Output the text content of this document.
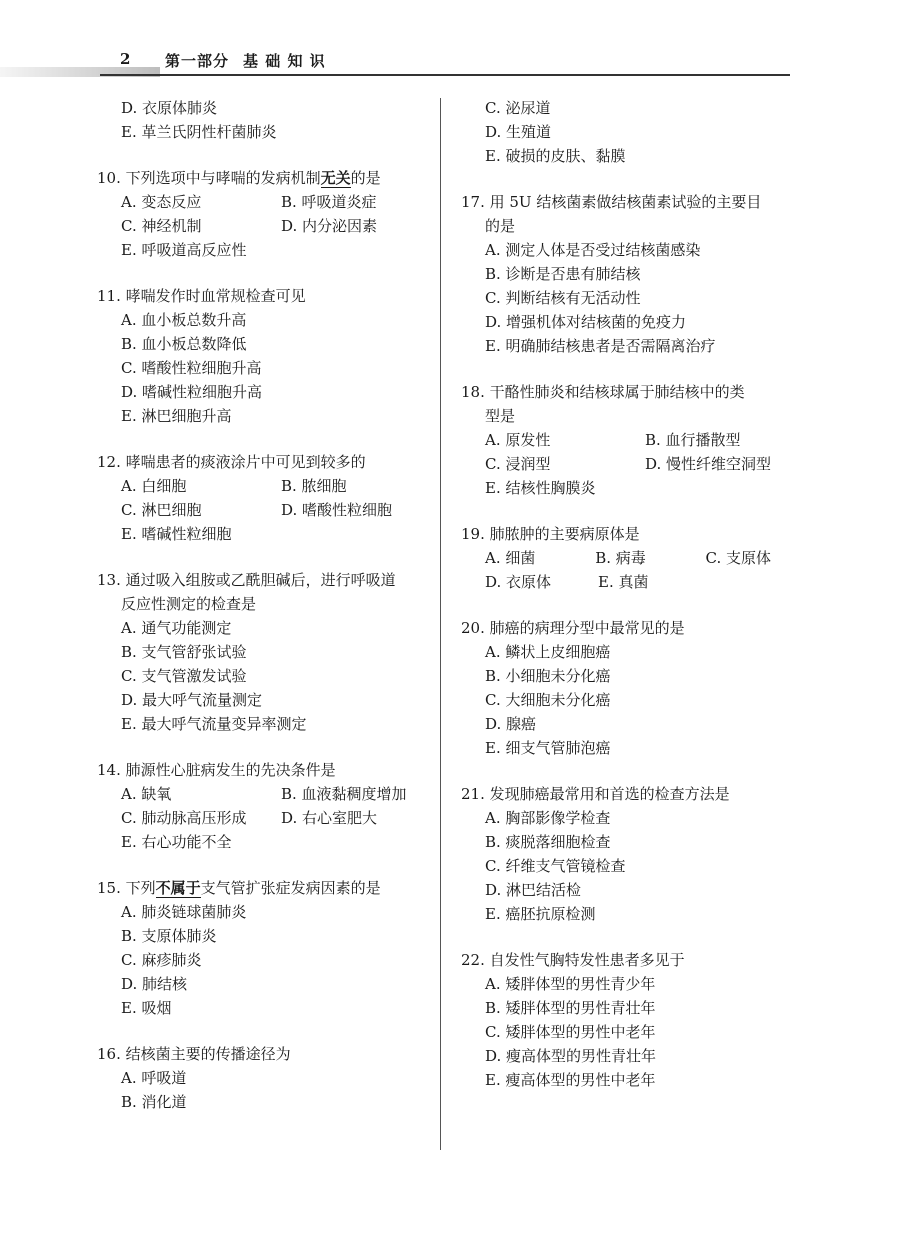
2 第一部分 基 础 知 识
D. 衣原体肺炎
E. 革兰氏阴性杆菌肺炎
10. 下列选项中与哮喘的发病机制无关的是
A. 变态反应	B. 呼吸道炎症
C. 神经机制	D. 内分泌因素
E. 呼吸道高反应性
11. 哮喘发作时血常规检查可见
A. 血小板总数升高
B. 血小板总数降低
C. 嗜酸性粒细胞升高
D. 嗜碱性粒细胞升高
E. 淋巴细胞升高
12. 哮喘患者的痰液涂片中可见到较多的
A. 白细胞	B. 脓细胞
C. 淋巴细胞	D. 嗜酸性粒细胞
E. 嗜碱性粒细胞
13. 通过吸入组胺或乙酰胆碱后，进行呼吸道
反应性测定的检查是
A. 通气功能测定
B. 支气管舒张试验
C. 支气管激发试验
D. 最大呼气流量测定
E. 最大呼气流量变异率测定
14. 肺源性心脏病发生的先决条件是
A. 缺氧	B. 血液黏稠度增加
C. 肺动脉高压形成	D. 右心室肥大
E. 右心功能不全
15. 下列不属于支气管扩张症发病因素的是
A. 肺炎链球菌肺炎
B. 支原体肺炎
C. 麻疹肺炎
D. 肺结核
E. 吸烟
16. 结核菌主要的传播途径为
A. 呼吸道
B. 消化道
C. 泌尿道
D. 生殖道
E. 破损的皮肤、黏膜
17. 用 5U 结核菌素做结核菌素试验的主要目
的是
A. 测定人体是否受过结核菌感染
B. 诊断是否患有肺结核
C. 判断结核有无活动性
D. 增强机体对结核菌的免疫力
E. 明确肺结核患者是否需隔离治疗
18. 干酪性肺炎和结核球属于肺结核中的类
型是
A. 原发性	B. 血行播散型
C. 浸润型	D. 慢性纤维空洞型
E. 结核性胸膜炎
19. 肺脓肿的主要病原体是
A. 细菌	B. 病毒	C. 支原体
D. 衣原体	E. 真菌
20. 肺癌的病理分型中最常见的是
A. 鳞状上皮细胞癌
B. 小细胞未分化癌
C. 大细胞未分化癌
D. 腺癌
E. 细支气管肺泡癌
21. 发现肺癌最常用和首选的检查方法是
A. 胸部影像学检查
B. 痰脱落细胞检查
C. 纤维支气管镜检查
D. 淋巴结活检
E. 癌胚抗原检测
22. 自发性气胸特发性患者多见于
A. 矮胖体型的男性青少年
B. 矮胖体型的男性青壮年
C. 矮胖体型的男性中老年
D. 瘦高体型的男性青壮年
E. 瘦高体型的男性中老年
